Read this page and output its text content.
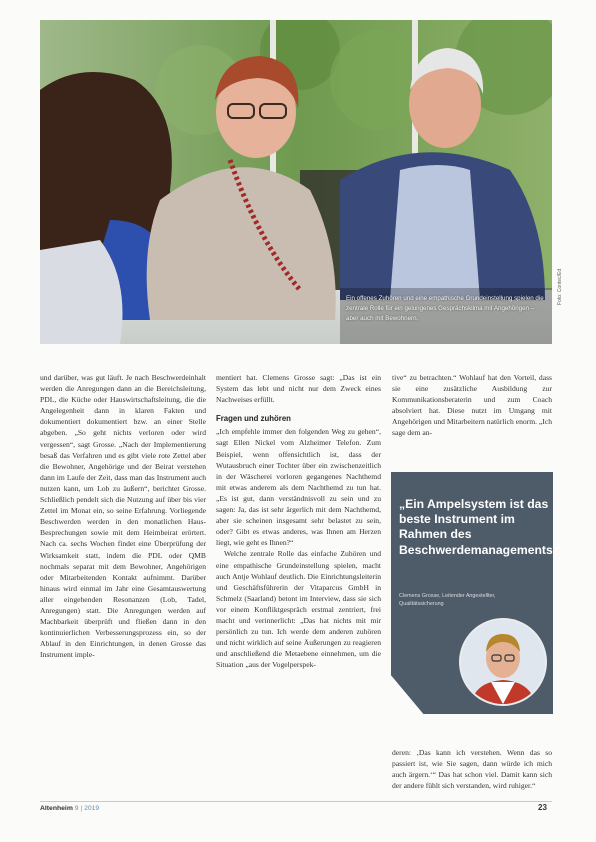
Ein offenes Zuhören und eine empathische Grundeinstellung spielen die zentrale Rolle für ein gelungenes Gesprächsklima mit Angehörigen – aber auch mit Bewohnern.
Foto: Contec/Ed

und darüber, was gut läuft. Je nach Beschwerdeinhalt werden die Anregungen dann an die Bereichsleitung, PDL, die Küche oder Hauswirtschaftsleitung, die die Angelegenheit dann in klaren Fakten und dokumentiert dokumentiert bzw. an einer Stelle abgeben. „So geht nichts verloren oder wird vergessen“, sagt Grosse. „Nach der Implementierung besaß das Verfahren und es gibt viele rote Zettel aber die Bewohner, Angehörige und der Beirat verstehen dann im Laufe der Zeit, dass man das Instrument auch nutzen kann, um Lob zu äußern“, berichtet Grosse. Schließlich pendelt sich die Nutzung auf über bis vier Zettel im Monat ein, so seine Erfahrung. Vorliegende Beschwerden werden in den monatlichen Haus-Besprechungen sowie mit dem Heimbeirat erörtert. Nach ca. sechs Wochen findet eine Überprüfung der Wirksamkeit statt, indem die PDL oder QMB nochmals separat mit dem Bewohner, Angehörigen oder Mitarbeitenden Kontakt aufnimmt. Darüber hinaus wird einmal im Jahr eine Gesamtauswertung aller eingehenden Resonanzen (Lob, Tadel, Anregungen) statt. Die Anregungen werden auf Machbarkeit überprüft und fließen dann in den kontinuierlichen Verbesserungsprozess ein, so der Ablauf in den Einrichtungen, in denen Grosse das Instrument imple-

mentiert hat. Clemens Grosse sagt: „Das ist ein System das lebt und nicht nur dem Zweck eines Nachweises erfüllt.

Fragen und zuhören

„Ich empfehle immer den folgenden Weg zu gehen“, sagt Ellen Nickel vom Alzheimer Telefon. Zum Beispiel, wenn offensichtlich ist, dass der Wutausbruch einer Tochter über ein zwischenzeitlich in der Wäscherei vorloren gegangenes Nachthemd mit etwas anderem als dem Nachthemd zu tun hat. „Es ist gut, dann verständnisvoll zu sein und zu sagen: Ja, das ist sehr ärgerlich mit dem Nachthemd, aber sie scheinen insgesamt sehr belastet zu sein, oder? Gibt es etwas anderes, was Ihnen am Herzen liegt, wie geht es Ihnen?“

Welche zentrale Rolle das einfache Zuhören und eine empathische Grundeinstellung spielen, macht auch Antje Wohlauf deutlich. Die Einrichtungsleiterin und Geschäftsführerin der Vitaparcus GmbH in Schmelz (Saarland) betont im Interview, dass sie sich vor einem Konfliktgespräch erstmal zentriert, frei macht und verinnerlicht: „Das hat nichts mit mir persönlich zu tun. Ich werde dem anderen zuhören und nicht wirklich auf seine Äußerungen zu reagieren und anschließend die Metaebene einnehmen, um die Situation „aus der Vogelperspek-

tive“ zu betrachten.“ Wohlauf hat den Vorteil, dass sie eine zusätzliche Ausbildung zur Kommunikationsberaterin und zum Coach absolviert hat. Diese nutzt im Umgang mit Angehörigen und Mitarbeitern natürlich enorm. „Ich sage dem an-

„Ein Ampelsystem ist das beste Instrument im Rahmen des Beschwerdemanagements.“
Clemens Grosse, Leitender Angestellter, Qualitätssicherung

deren: ‚Das kann ich verstehen. Wenn das so passiert ist, wie Sie sagen, dann würde ich mich auch ärgern.‘“ Das hat schon viel. Damit kann sich der andere fühlt sich verstanden, wird ruhiger.“

Altenheim 9 | 2019	23
